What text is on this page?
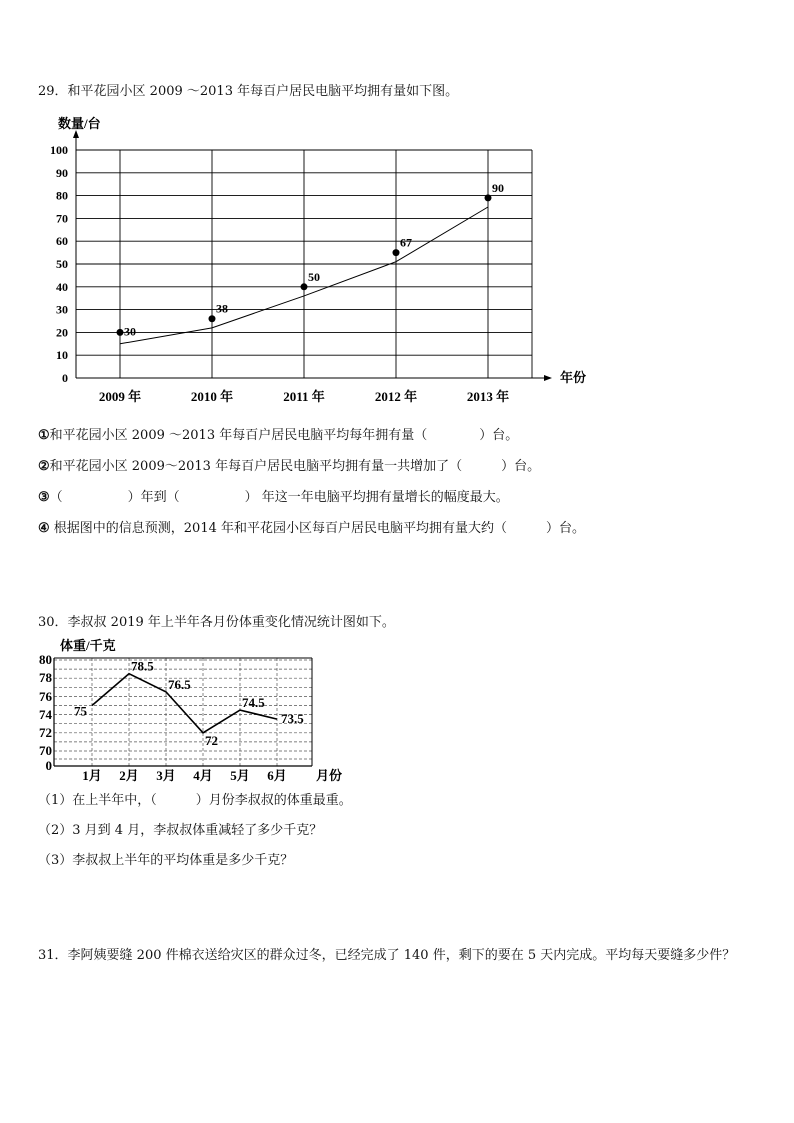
29．和平花园小区 2009 ～2013 年每百户居民电脑平均拥有量如下图。
数量/台
年份
0
10
20
30
40
50
60
70
80
90
100
2009 年	2010 年	2011 年	2012 年	2013 年
30
38
50
67
90
①和平花园小区 2009 ～2013 年每百户居民电脑平均每年拥有量（　　　　）台。
②和平花园小区 2009～2013 年每百户居民电脑平均拥有量一共增加了（　　　）台。
③（　　　　　）年到（　　　　　） 年这一年电脑平均拥有量增长的幅度最大。
④ 根据图中的信息预测，2014 年和平花园小区每百户居民电脑平均拥有量大约（　　　）台。
30．李叔叔 2019 年上半年各月份体重变化情况统计图如下。
体重/千克
月份
0
70
72
74
76
78
80
1月 2月 3月 4月 5月 6月
75
78.5
76.5
72
74.5
73.5
（1）在上半年中，（　　　）月份李叔叔的体重最重。
（2）3 月到 4 月，李叔叔体重减轻了多少千克？
（3）李叔叔上半年的平均体重是多少千克？
31．李阿姨要缝 200 件棉衣送给灾区的群众过冬，已经完成了 140 件，剩下的要在 5 天内完成。平均每天要缝多少件？
